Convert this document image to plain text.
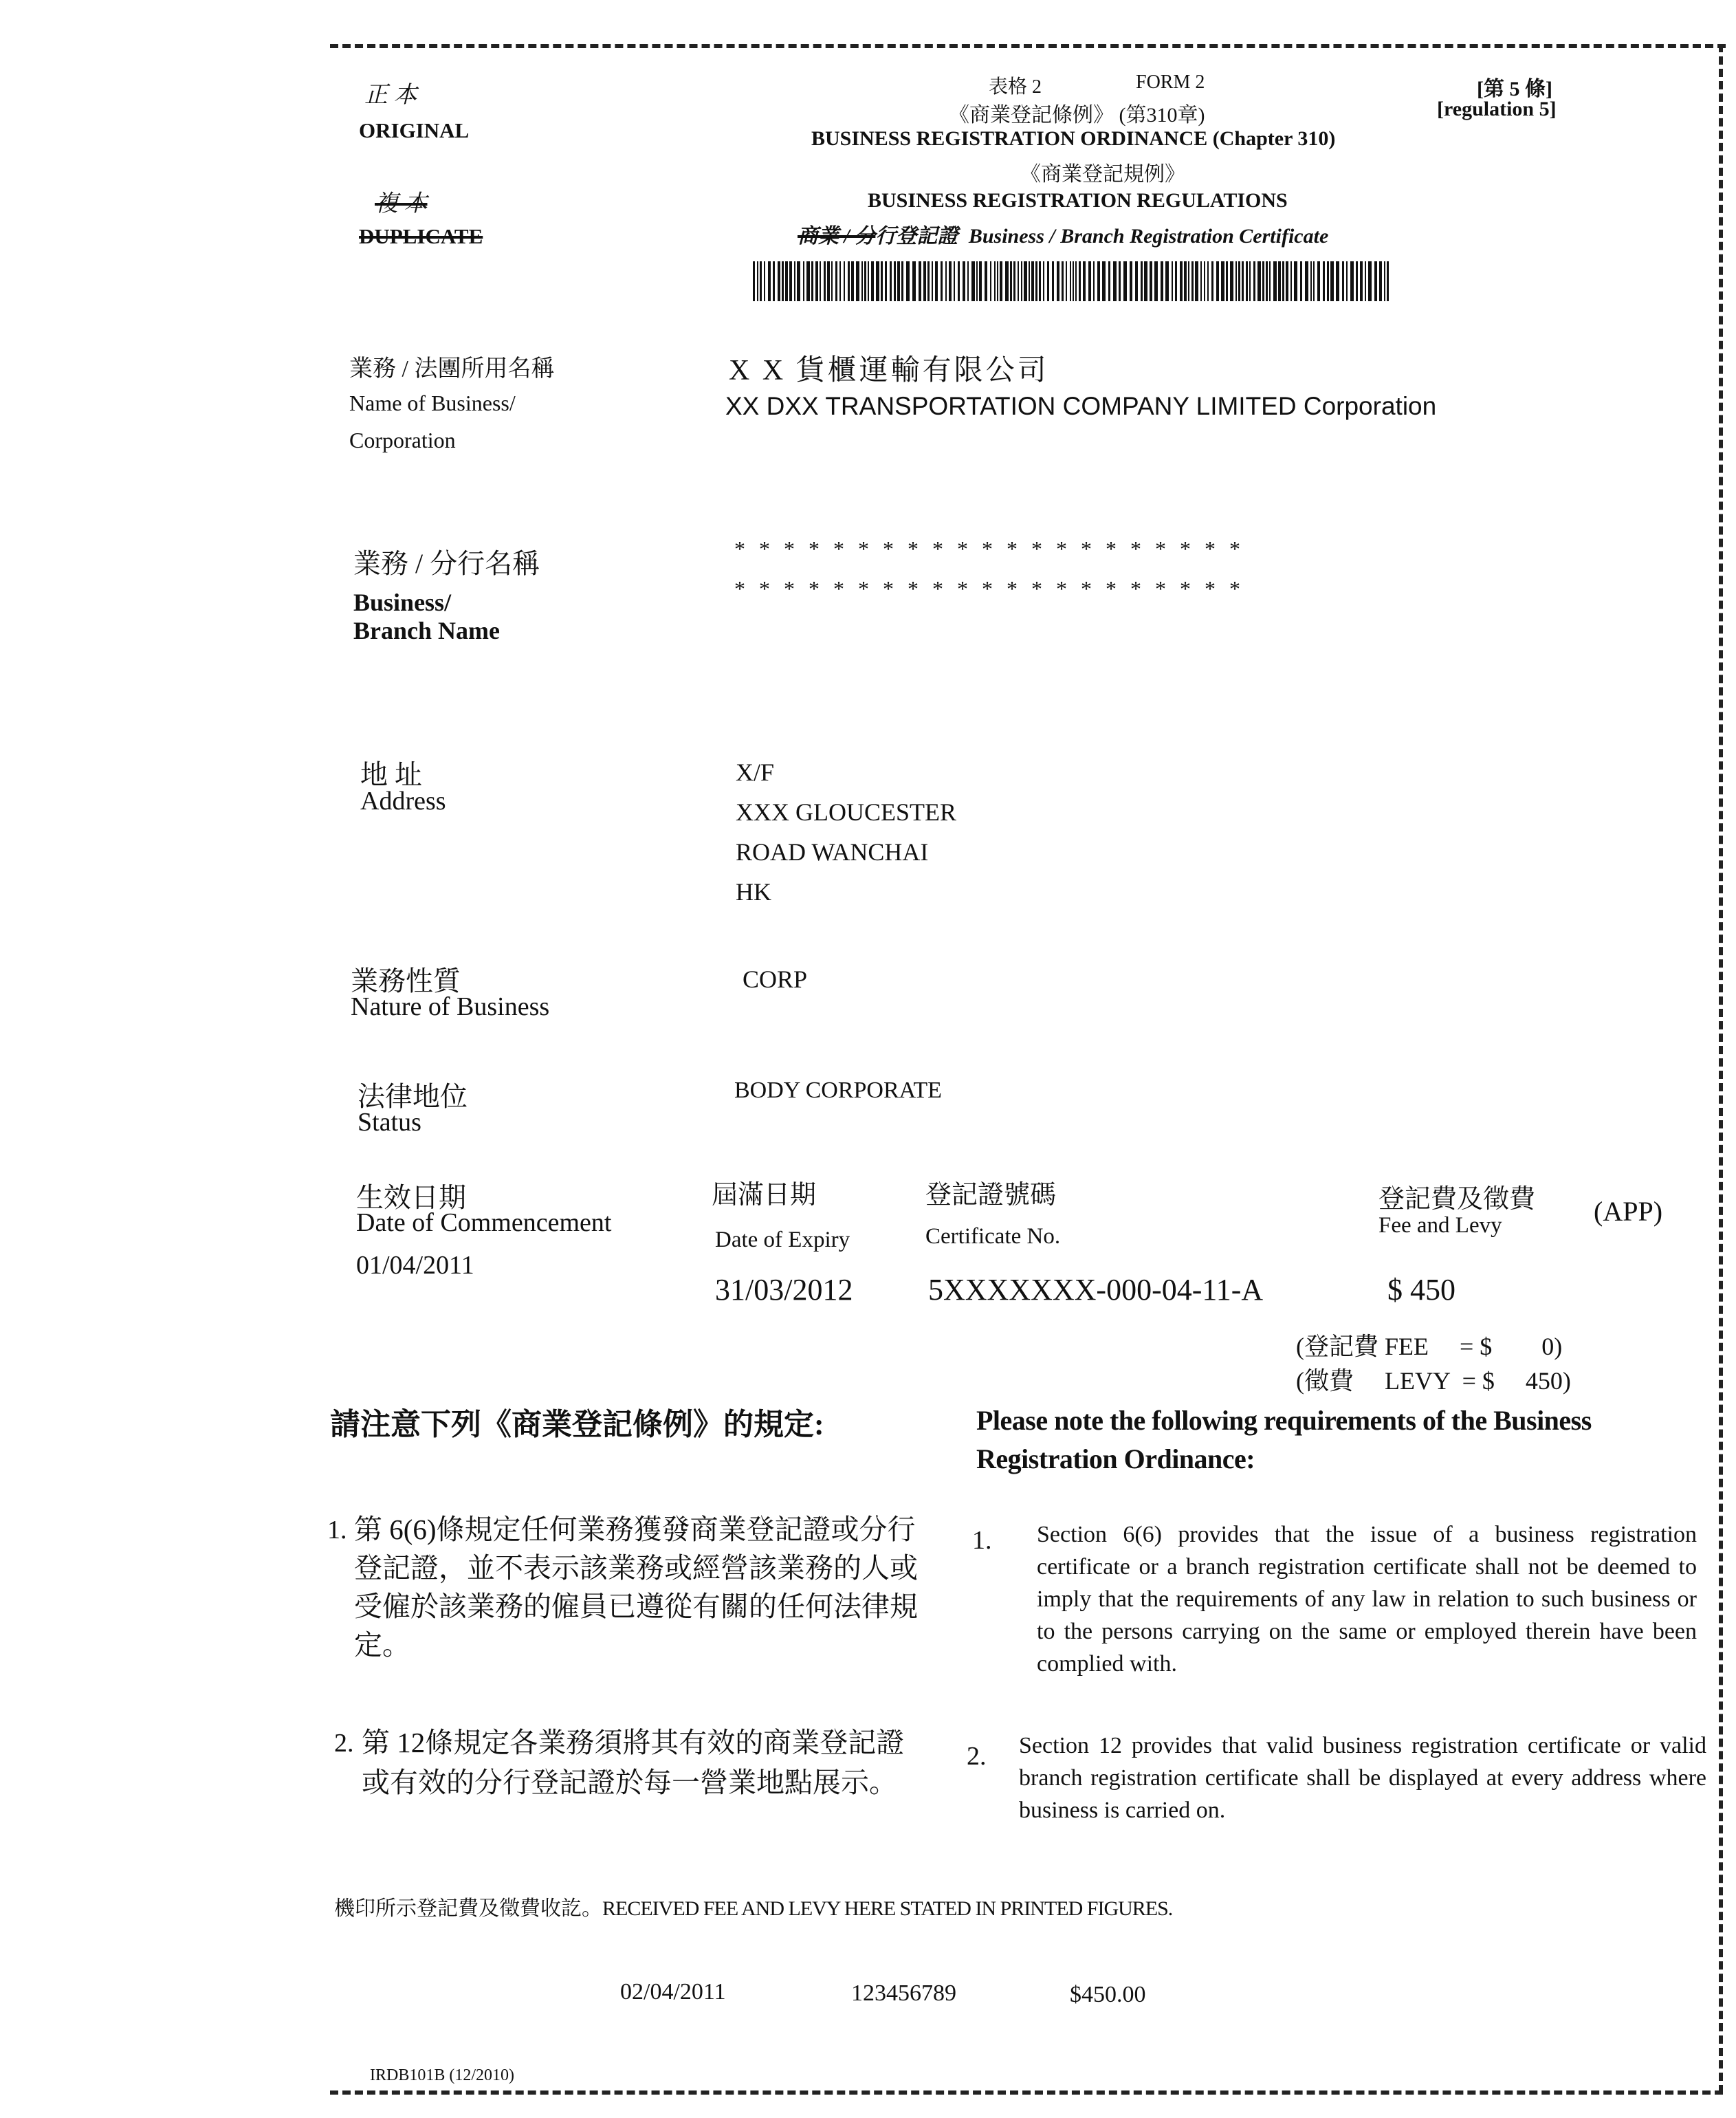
正 本
ORIGINAL
複 本
DUPLICATE
表格 2	FORM 2
《商業登記條例》 (第310章)
BUSINESS REGISTRATION ORDINANCE (Chapter 310)
《商業登記規例》
BUSINESS REGISTRATION REGULATIONS
商業 / 分行登記證 Business / Branch Registration Certificate
[第 5 條]
[regulation 5]
業務 / 法團所用名稱
Name of Business/
Corporation
X X 貨櫃運輸有限公司
XX DXX TRANSPORTATION COMPANY LIMITED Corporation
業務 / 分行名稱
Business/
Branch Name
* * * * * * * * * * * * * * * * * * * * *
* * * * * * * * * * * * * * * * * * * * *
地 址
Address
X/F
XXX GLOUCESTER
ROAD WANCHAI
HK
業務性質
Nature of Business
CORP
法律地位
Status
BODY CORPORATE
生效日期
Date of Commencement
01/04/2011
屆滿日期
Date of Expiry
31/03/2012
登記證號碼
Certificate No.
5XXXXXXX-000-04-11-A
登記費及徵費
Fee and Levy	(APP)
$ 450
(登記費 FEE     = $        0)
(徵費     LEVY  = $     450)
請注意下列《商業登記條例》的規定:	Please note the following requirements of the Business Registration Ordinance:
1. 第 6(6)條規定任何業務獲發商業登記證或分行登記證，並不表示該業務或經營該業務的人或受僱於該業務的僱員已遵從有關的任何法律規定。
1. Section 6(6) provides that the issue of a business registration certificate or a branch registration certificate shall not be deemed to imply that the requirements of any law in relation to such business or to the persons carrying on the same or employed therein have been complied with.
2. 第 12條規定各業務須將其有效的商業登記證或有效的分行登記證於每一營業地點展示。
2. Section 12 provides that valid business registration certificate or valid branch registration certificate shall be displayed at every address where business is carried on.
機印所示登記費及徵費收訖。RECEIVED FEE AND LEVY HERE STATED IN PRINTED FIGURES.
02/04/2011	123456789	$450.00
IRDB101B (12/2010)
